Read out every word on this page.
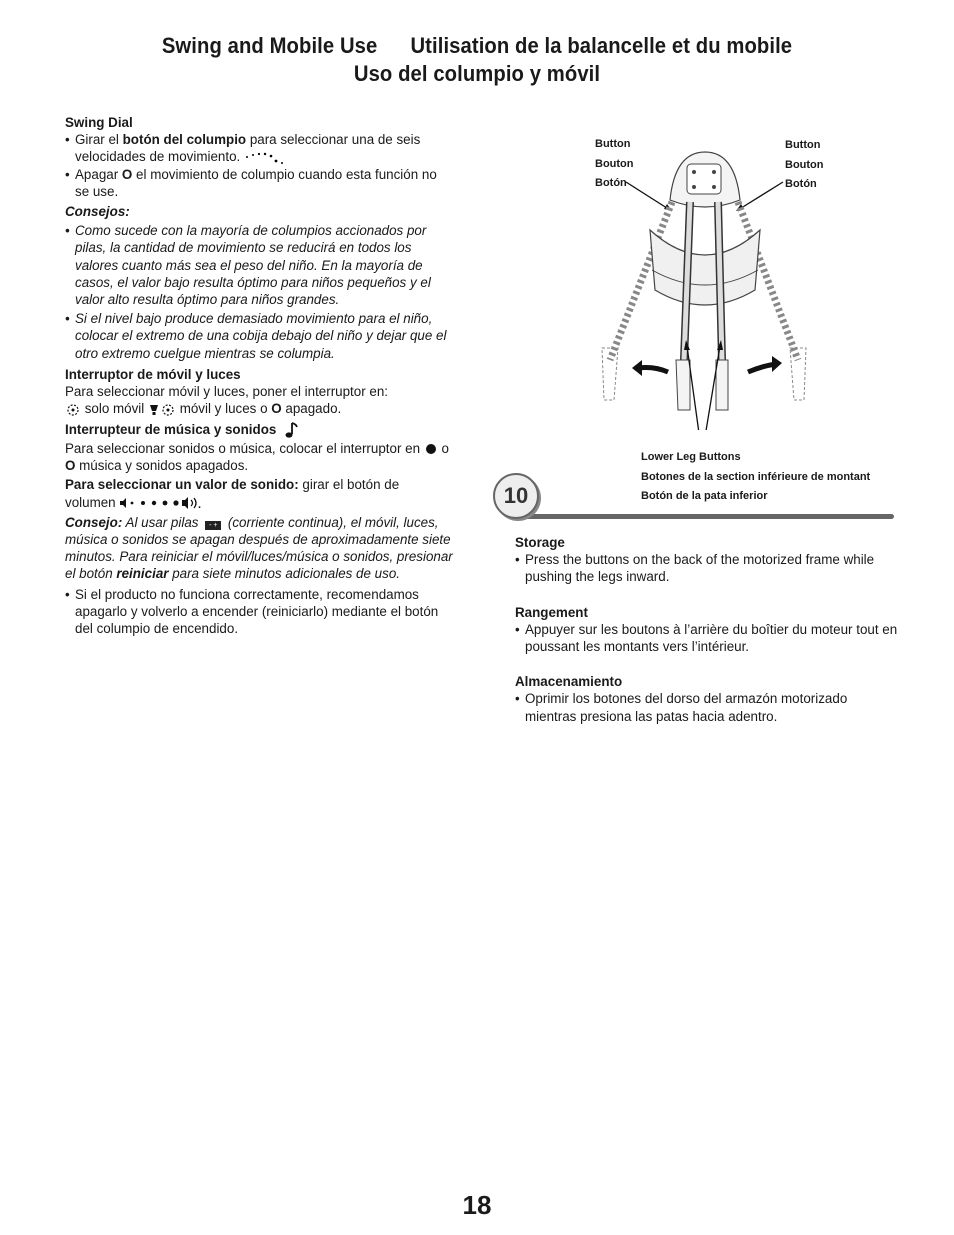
Swing and Mobile Use Utilisation de la balancelle et du mobile
Uso del columpio y móvil
Swing Dial

• Girar el botón del columpio para seleccionar una de seis velocidades de movimiento.

• Apagar O el movimiento de columpio cuando esta función no se use.

Consejos:

• Como sucede con la mayoría de columpios accionados por pilas, la cantidad de movimiento se reducirá en todos los valores cuanto más sea el peso del niño. En la mayoría de casos, el valor bajo resulta óptimo para niños pequeños y el valor alto resulta óptimo para niños grandes.

• Si el nivel bajo produce demasiado movimiento para el niño, colocar el extremo de una cobija debajo del niño y dejar que el otro extremo cuelgue mientras se columpia.

Interruptor de móvil y luces

Para seleccionar móvil y luces, poner el interruptor en:

solo móvil  móvil y luces o O apagado.

Interrupteur de música y sonidos

Para seleccionar sonidos o música, colocar el interruptor en  o
O música y sonidos apagados.

Para seleccionar un valor de sonido: girar el botón de volumen	.

Consejo: Al usar pilas - + (corriente continua), el móvil, luces, música o sonidos se apagan después de aproximadamente siete minutos. Para reiniciar el móvil/luces/música o sonidos, presionar el botón reiniciar para siete minutos adicionales de uso.

• Si el producto no funciona correctamente, recomendamos apagarlo y volverlo a encender (reiniciarlo) mediante el botón del columpio de encendido.

Button
Bouton
Botón
Button
Bouton
Botón
Lower Leg Buttons
Botones de la section inférieure de montant
Botón de la pata inferior
10
Storage

• Press the buttons on the back of the motorized frame while pushing the legs inward.

Rangement

• Appuyer sur les boutons à l’arrière du boîtier du moteur tout en poussant les montants vers l’intérieur.

Almacenamiento

• Oprimir los botones del dorso del armazón motorizado mientras presiona las patas hacia adentro.

18
